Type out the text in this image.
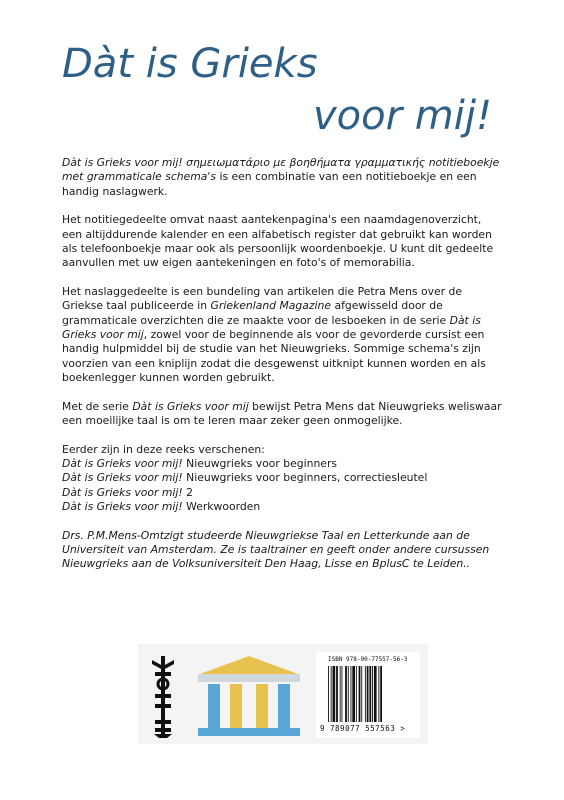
Dàt is Grieks
voor mij!

Dàt is Grieks voor mij! σημειωματάριο με βοηθήματα γραμματικής notitieboekje met grammaticale schema's is een combinatie van een notitieboekje en een handig naslagwerk.

Het notitiegedeelte omvat naast aantekenpagina's een naamdagenoverzicht, een altijddurende kalender en een alfabetisch register dat gebruikt kan worden als telefoonboekje maar ook als persoonlijk woordenboekje. U kunt dit gedeelte aanvullen met uw eigen aantekeningen en foto's of memorabilia.

Het naslaggedeelte is een bundeling van artikelen die Petra Mens over de Griekse taal publiceerde in Griekenland Magazine afgewisseld door de grammaticale overzichten die ze maakte voor de lesboeken in de serie Dàt is Grieks voor mij, zowel voor de beginnende als voor de gevorderde cursist een handig hulpmiddel bij de studie van het Nieuwgrieks. Sommige schema's zijn voorzien van een kniplijn zodat die desgewenst uitknipt kunnen worden en als boekenlegger kunnen worden gebruikt.

Met de serie Dàt is Grieks voor mij bewijst Petra Mens dat Nieuwgrieks weliswaar een moeilijke taal is om te leren maar zeker geen onmogelijke.

Eerder zijn in deze reeks verschenen:

Dàt is Grieks voor mij! Nieuwgrieks voor beginners

Dàt is Grieks voor mij! Nieuwgrieks voor beginners, correctiesleutel

Dàt is Grieks voor mij! 2

Dàt is Grieks voor mij! Werkwoorden

Drs. P.M.Mens-Omtzigt studeerde Nieuwgriekse Taal en Letterkunde aan de Universiteit van Amsterdam. Ze is taaltrainer en geeft onder andere cursussen Nieuwgrieks aan de Volksuniversiteit Den Haag, Lisse en BplusC te Leiden..

ISBN 978-90-77557-56-3
9 789077 557563 >
